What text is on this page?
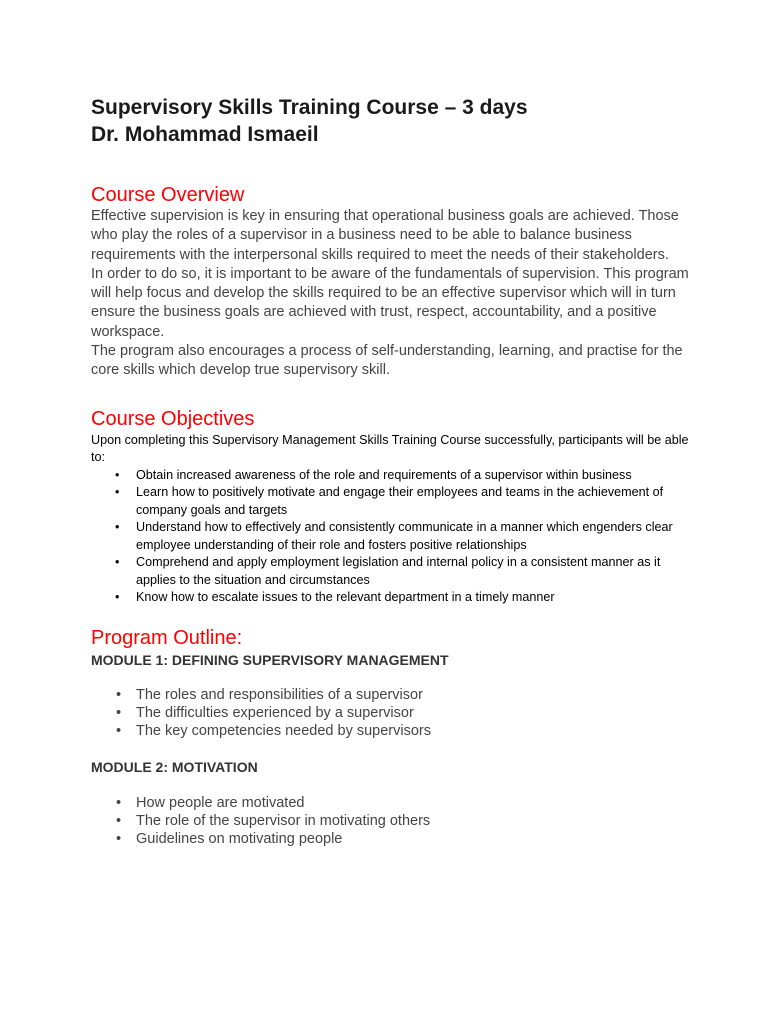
Supervisory Skills Training Course – 3 days
Dr. Mohammad Ismaeil
Course Overview

Effective supervision is key in ensuring that operational business goals are achieved. Those who play the roles of a supervisor in a business need to be able to balance business requirements with the interpersonal skills required to meet the needs of their stakeholders.

In order to do so, it is important to be aware of the fundamentals of supervision. This program will help focus and develop the skills required to be an effective supervisor which will in turn ensure the business goals are achieved with trust, respect, accountability, and a positive workspace.

The program also encourages a process of self-understanding, learning, and practise for the core skills which develop true supervisory skill.

Course Objectives

Upon completing this Supervisory Management Skills Training Course successfully, participants will be able to:

• Obtain increased awareness of the role and requirements of a supervisor within business
• Learn how to positively motivate and engage their employees and teams in the achievement of company goals and targets
• Understand how to effectively and consistently communicate in a manner which engenders clear employee understanding of their role and fosters positive relationships
• Comprehend and apply employment legislation and internal policy in a consistent manner as it applies to the situation and circumstances
• Know how to escalate issues to the relevant department in a timely manner
Program Outline:

MODULE 1: DEFINING SUPERVISORY MANAGEMENT

• The roles and responsibilities of a supervisor
• The difficulties experienced by a supervisor
• The key competencies needed by supervisors

MODULE 2: MOTIVATION

• How people are motivated
• The role of the supervisor in motivating others
• Guidelines on motivating people
